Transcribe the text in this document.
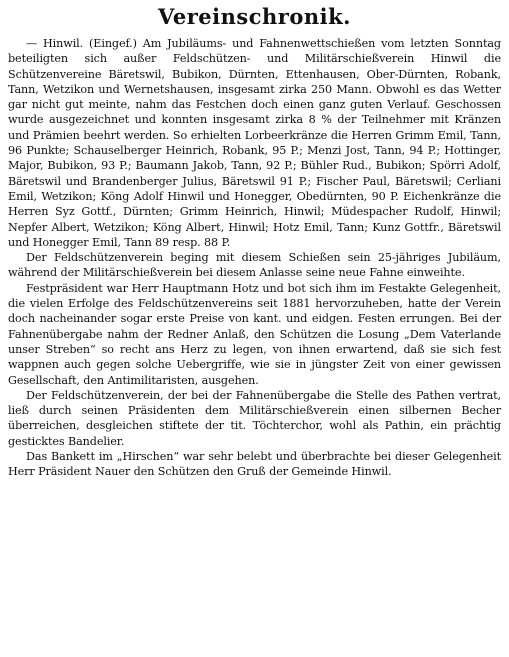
Vereinschronik.

— Hinwil. (Eingef.) Am Jubiläums- und Fahnenwettschießen vom letzten Sonntag beteiligten sich außer Feldschützen- und Militärschießverein Hinwil die Schützenvereine Bäretswil, Bubikon, Dürnten, Ettenhausen, Ober-Dürnten, Robank, Tann, Wetzikon und Wernetshausen, insgesamt zirka 250 Mann. Obwohl es das Wetter gar nicht gut meinte, nahm das Festchen doch einen ganz guten Verlauf. Geschossen wurde ausgezeichnet und konnten insgesamt zirka 8 % der Teilnehmer mit Kränzen und Prämien beehrt werden. So erhielten Lorbeerkränze die Herren Grimm Emil, Tann, 96 Punkte; Schauselberger Heinrich, Robank, 95 P.; Menzi Jost, Tann, 94 P.; Hottinger, Major, Bubikon, 93 P.; Baumann Jakob, Tann, 92 P.; Bühler Rud., Bubikon; Spörri Adolf, Bäretswil und Brandenberger Julius, Bäretswil 91 P.; Fischer Paul, Bäretswil; Cerliani Emil, Wetzikon; Köng Adolf Hinwil und Honegger, Obedürnten, 90 P. Eichenkränze die Herren Syz Gottf., Dürnten; Grimm Heinrich, Hinwil; Müdespacher Rudolf, Hinwil; Nepfer Albert, Wetzikon; Köng Albert, Hinwil; Hotz Emil, Tann; Kunz Gottfr., Bäretswil und Honegger Emil, Tann 89 resp. 88 P.

Der Feldschützenverein beging mit diesem Schießen sein 25-jähriges Jubiläum, während der Militärschießverein bei diesem Anlasse seine neue Fahne einweihte.

Festpräsident war Herr Hauptmann Hotz und bot sich ihm im Festakte Gelegenheit, die vielen Erfolge des Feldschützenvereins seit 1881 hervorzuheben, hatte der Verein doch nacheinander sogar erste Preise von kant. und eidgen. Festen errungen. Bei der Fahnenübergabe nahm der Redner Anlaß, den Schützen die Losung „Dem Vaterlande unser Streben“ so recht ans Herz zu legen, von ihnen erwartend, daß sie sich fest wappnen auch gegen solche Uebergriffe, wie sie in jüngster Zeit von einer gewissen Gesellschaft, den Antimilitaristen, ausgehen.

Der Feldschützenverein, der bei der Fahnenübergabe die Stelle des Pathen vertrat, ließ durch seinen Präsidenten dem Militärschießverein einen silbernen Becher überreichen, desgleichen stiftete der tit. Töchterchor, wohl als Pathin, ein prächtig gesticktes Bandelier.

Das Bankett im „Hirschen“ war sehr belebt und überbrachte bei dieser Gelegenheit Herr Präsident Nauer den Schützen den Gruß der Gemeinde Hinwil.
